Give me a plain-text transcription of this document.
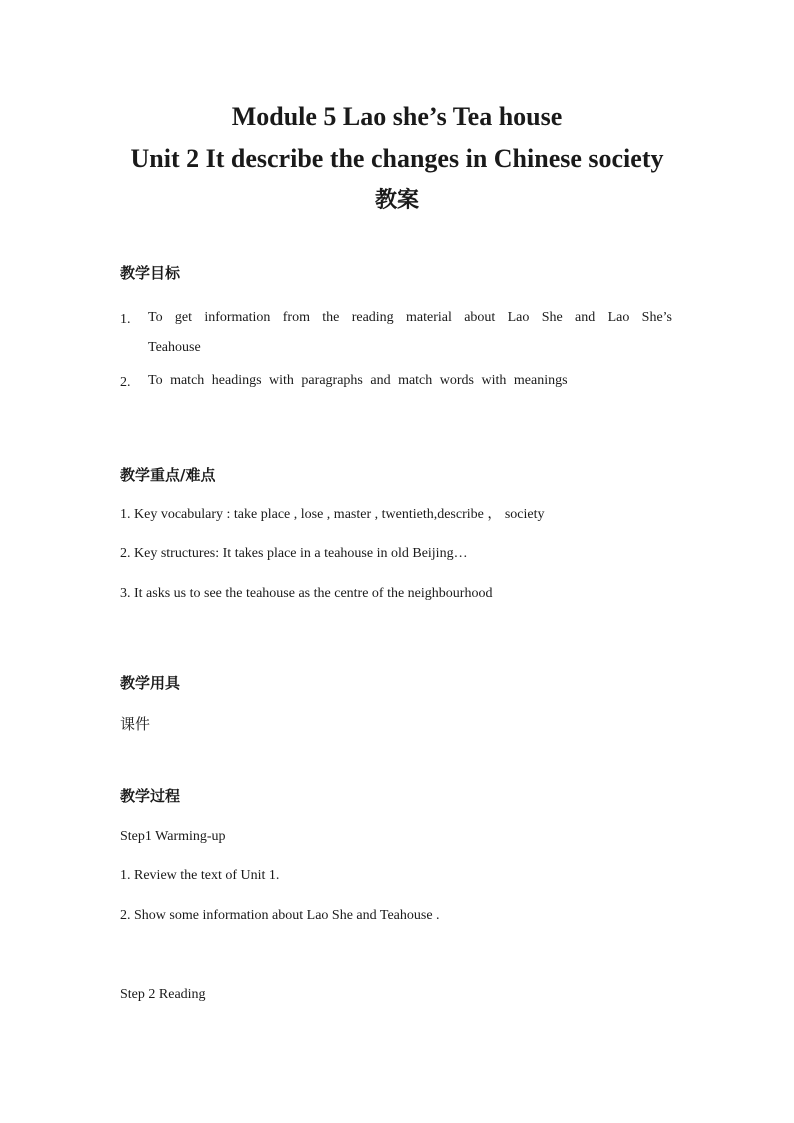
Module 5 Lao she’s Tea house
Unit 2 It describe the changes in Chinese society
教案
教学目标
1. To get information from the reading material about Lao She and Lao She’s Teahouse
2. To match headings with paragraphs and match words with meanings
教学重点/难点
1. Key vocabulary : take place , lose , master , twentieth,describe ， society
2. Key structures: It takes place in a teahouse in old Beijing…
3. It asks us to see the teahouse as the centre of the neighbourhood
教学用具
课件
教学过程
Step1 Warming-up
1. Review the text of Unit 1.
2. Show some information about Lao She and Teahouse .
Step 2 Reading
